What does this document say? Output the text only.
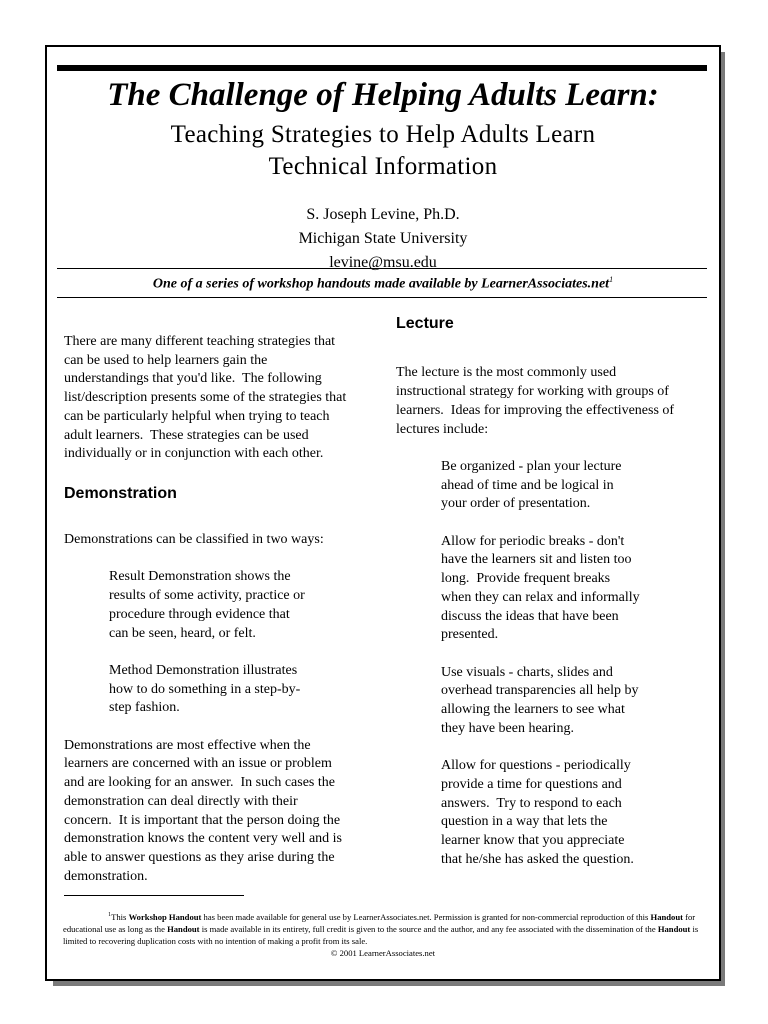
The Challenge of Helping Adults Learn:
Teaching Strategies to Help Adults Learn
Technical Information
S. Joseph Levine, Ph.D.
Michigan State University
levine@msu.edu
One of a series of workshop handouts made available by LearnerAssociates.net$^1$

There are many different teaching strategies that
can be used to help learners gain the
understandings that you'd like.  The following
list/description presents some of the strategies that
can be particularly helpful when trying to teach
adult learners.  These strategies can be used
individually or in conjunction with each other.

Demonstration

Demonstrations can be classified in two ways:

Result Demonstration shows the
results of some activity, practice or
procedure through evidence that
can be seen, heard, or felt.

Method Demonstration illustrates
how to do something in a step-by-
step fashion.

Demonstrations are most effective when the
learners are concerned with an issue or problem
and are looking for an answer.  In such cases the
demonstration can deal directly with their
concern.  It is important that the person doing the
demonstration knows the content very well and is
able to answer questions as they arise during the
demonstration.

Lecture

The lecture is the most commonly used
instructional strategy for working with groups of
learners.  Ideas for improving the effectiveness of
lectures include:

Be organized - plan your lecture
ahead of time and be logical in
your order of presentation.

Allow for periodic breaks - don't
have the learners sit and listen too
long.  Provide frequent breaks
when they can relax and informally
discuss the ideas that have been
presented.

Use visuals - charts, slides and
overhead transparencies all help by
allowing the learners to see what
they have been hearing.

Allow for questions - periodically
provide a time for questions and
answers.  Try to respond to each
question in a way that lets the
learner know that you appreciate
that he/she has asked the question.

$^1$This Workshop Handout has been made available for general use by LearnerAssociates.net. Permission is granted for non-commercial reproduction of this Handout for educational use as long as the Handout is made available in its entirety, full credit is given to the source and the author, and any fee associated with the dissemination of the Handout is limited to recovering duplication costs with no intention of making a profit from its sale.
© 2001 LearnerAssociates.net
